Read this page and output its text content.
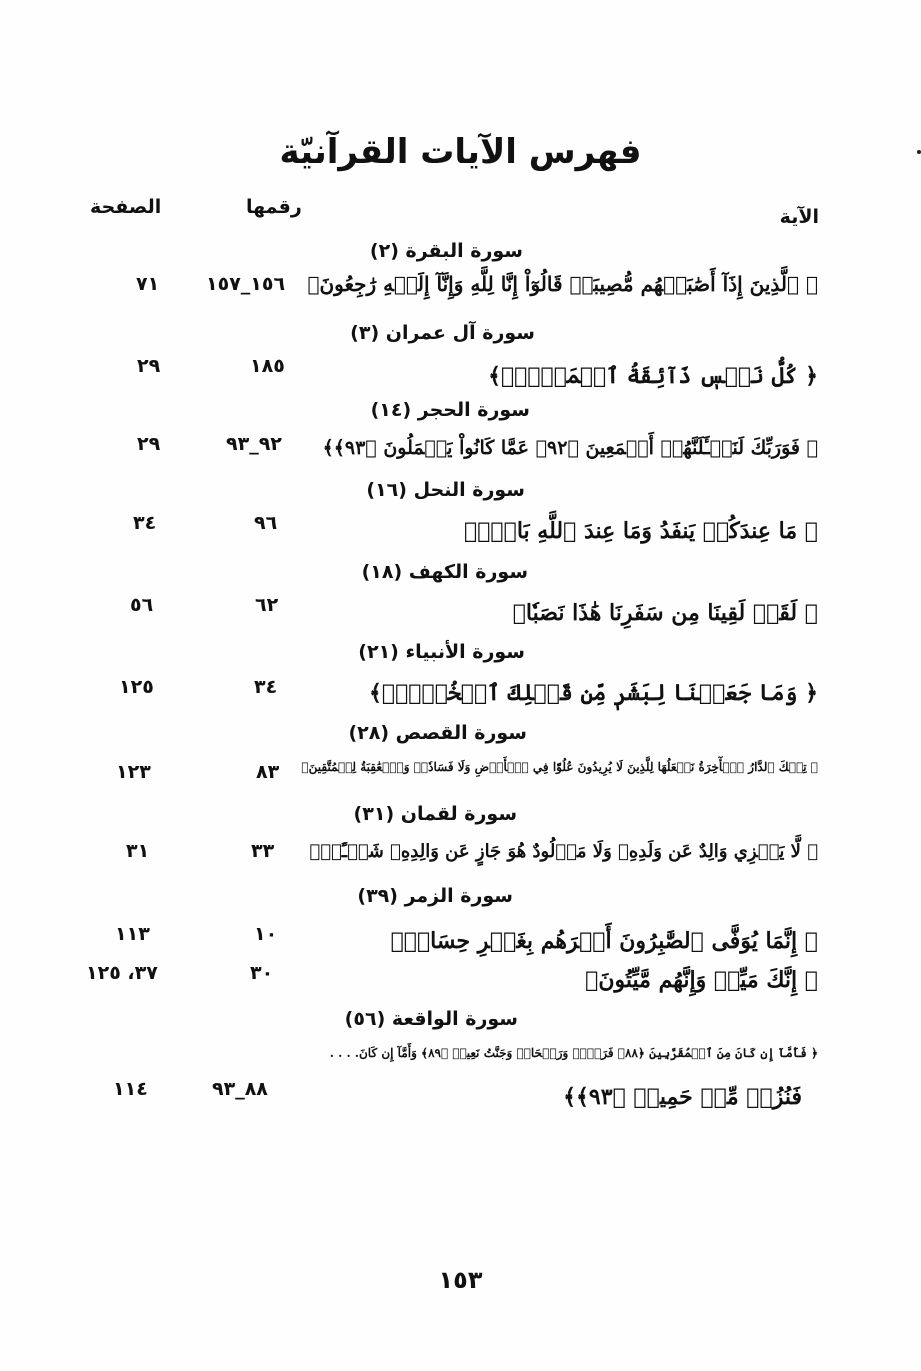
فهرس الآيات القرآنيّة
الآية
رقمها
الصفحة
سورة البقرة (٢)
﴿ ٱلَّذِينَ إِذَآ أَصَٰبَتۡهُم مُّصِيبَةٞ قَالُوٓاْ إِنَّا لِلَّهِ وَإِنَّآ إِلَيۡهِ رَٰجِعُونَ﴾
١٥٦_١٥٧
٧١
سورة آل عمران (٣)
﴿ كُلُّ نَفۡسٖ ذَآئِقَةُ ٱلۡمَوۡتِۗ﴾
١٨٥
٢٩
سورة الحجر (١٤)
﴿ فَوَرَبِّكَ لَنَسۡـَٔلَنَّهُمۡ أَجۡمَعِينَ ﴿٩٢﴾ عَمَّا كَانُواْ يَعۡمَلُونَ ﴿٩٣﴾﴾
٩٢_٩٣
٢٩
سورة النحل (١٦)
﴿ مَا عِندَكُمۡ يَنفَدُ وَمَا عِندَ ٱللَّهِ بَاقٖۗ﴾
٩٦
٣٤
سورة الكهف (١٨)
﴿ لَقَدۡ لَقِينَا مِن سَفَرِنَا هَٰذَا نَصَبٗا﴾
٦٢
٥٦
سورة الأنبياء (٢١)
﴿ وَمَا جَعَلۡنَا لِبَشَرٖ مِّن قَبۡلِكَ ٱلۡخُلۡدَۖ﴾
٣٤
١٢٥
سورة القصص (٢٨)
﴿ تِلۡكَ ٱلدَّارُ ٱلۡأٓخِرَةُ نَجۡعَلُهَا لِلَّذِينَ لَا يُرِيدُونَ عُلُوّٗا فِي ٱلۡأَرۡضِ وَلَا فَسَادٗاۚ وَٱلۡعَٰقِبَةُ لِلۡمُتَّقِينَ﴾
٨٣
١٢٣
سورة لقمان (٣١)
﴿ لَّا يَجۡزِي وَالِدٌ عَن وَلَدِهِۦ وَلَا مَوۡلُودٌ هُوَ جَازٍ عَن وَالِدِهِۦ شَيۡـًٔاۚ﴾
٣٣
٣١
سورة الزمر (٣٩)
﴿ إِنَّمَا يُوَفَّى ٱلصَّٰبِرُونَ أَجۡرَهُم بِغَيۡرِ حِسَابٖ﴾
١٠
١١٣
﴿ إِنَّكَ مَيِّتٞ وَإِنَّهُم مَّيِّتُونَ﴾
٣٠
٣٧، ١٢٥
سورة الواقعة (٥٦)
﴿ فَأَمَّآ إِن كَانَ مِنَ ٱلۡمُقَرَّبِينَ ﴿٨٨﴾ فَرَوۡحٞ وَرَيۡحَانٞ وَجَنَّتُ نَعِيمٖ ﴿٨٩﴾ وَأَمَّآ إِن كَانَ. . . .
فَنُزُلٞ مِّنۡ حَمِيمٖ ﴿٩٣﴾﴾
٨٨_٩٣
١١٤
١٥٣
